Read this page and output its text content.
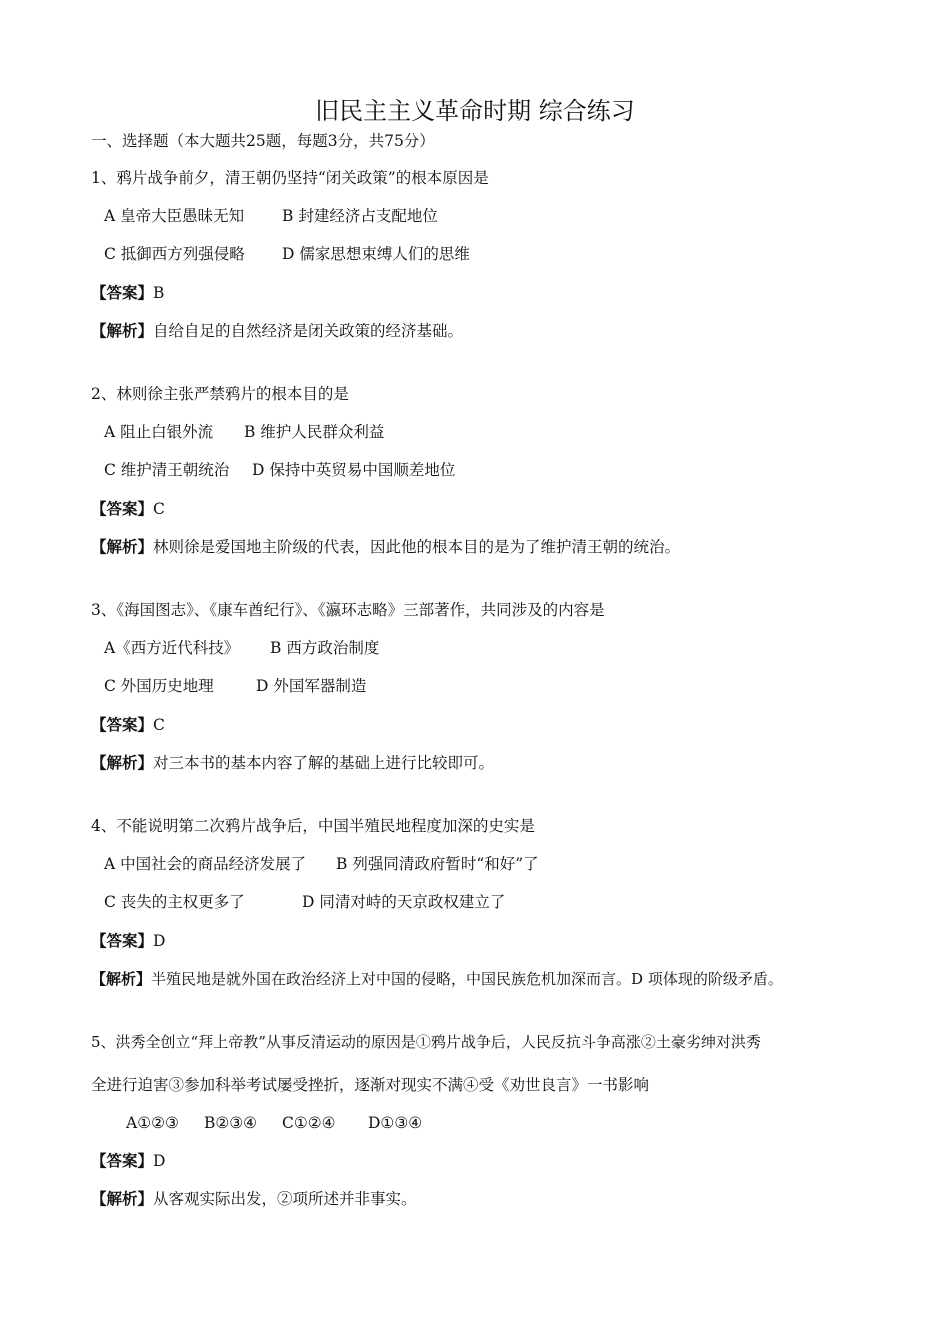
旧民主主义革命时期 综合练习
一、选择题（本大题共25题，每题3分，共75分）
1、鸦片战争前夕，清王朝仍坚持“闭关政策”的根本原因是
A 皇帝大臣愚昧无知 B 封建经济占支配地位
C 抵御西方列强侵略 D 儒家思想束缚人们的思维
【答案】B
【解析】自给自足的自然经济是闭关政策的经济基础。
2、林则徐主张严禁鸦片的根本目的是
A 阻止白银外流 B 维护人民群众利益
C 维护清王朝统治 D 保持中英贸易中国顺差地位
【答案】C
【解析】林则徐是爱国地主阶级的代表，因此他的根本目的是为了维护清王朝的统治。
3、《海国图志》、《康车酋纪行》、《瀛环志略》三部著作，共同涉及的内容是
A《西方近代科技》 B 西方政治制度
C 外国历史地理	D 外国军器制造
【答案】C
【解析】对三本书的基本内容了解的基础上进行比较即可。
4、不能说明第二次鸦片战争后，中国半殖民地程度加深的史实是
A 中国社会的商品经济发展了 B 列强同清政府暂时“和好”了
C 丧失的主权更多了	D 同清对峙的天京政权建立了
【答案】D
【解析】半殖民地是就外国在政治经济上对中国的侵略，中国民族危机加深而言。D 项体现的阶级矛盾。
5、洪秀全创立“拜上帝教”从事反清运动的原因是①鸦片战争后，人民反抗斗争高涨②土豪劣绅对洪秀
全进行迫害③参加科举考试屡受挫折，逐渐对现实不满④受《劝世良言》一书影响
A①②③ B②③④ C①②④ D①③④
【答案】D
【解析】从客观实际出发，②项所述并非事实。
